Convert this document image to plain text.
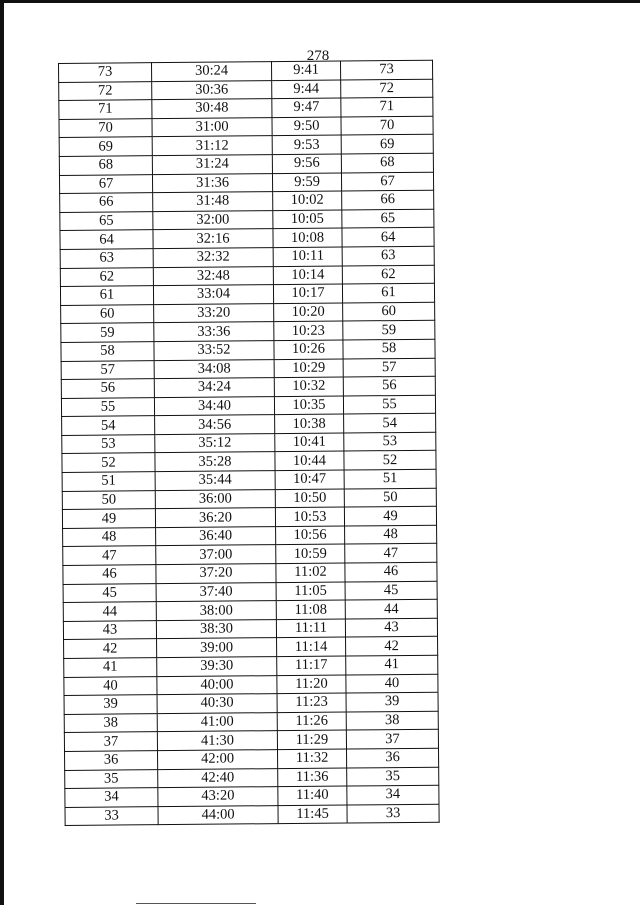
278
73	30:24	9:41	73
72	30:36	9:44	72
71	30:48	9:47	71
70	31:00	9:50	70
69	31:12	9:53	69
68	31:24	9:56	68
67	31:36	9:59	67
66	31:48	10:02	66
65	32:00	10:05	65
64	32:16	10:08	64
63	32:32	10:11	63
62	32:48	10:14	62
61	33:04	10:17	61
60	33:20	10:20	60
59	33:36	10:23	59
58	33:52	10:26	58
57	34:08	10:29	57
56	34:24	10:32	56
55	34:40	10:35	55
54	34:56	10:38	54
53	35:12	10:41	53
52	35:28	10:44	52
51	35:44	10:47	51
50	36:00	10:50	50
49	36:20	10:53	49
48	36:40	10:56	48
47	37:00	10:59	47
46	37:20	11:02	46
45	37:40	11:05	45
44	38:00	11:08	44
43	38:30	11:11	43
42	39:00	11:14	42
41	39:30	11:17	41
40	40:00	11:20	40
39	40:30	11:23	39
38	41:00	11:26	38
37	41:30	11:29	37
36	42:00	11:32	36
35	42:40	11:36	35
34	43:20	11:40	34
33	44:00	11:45	33
